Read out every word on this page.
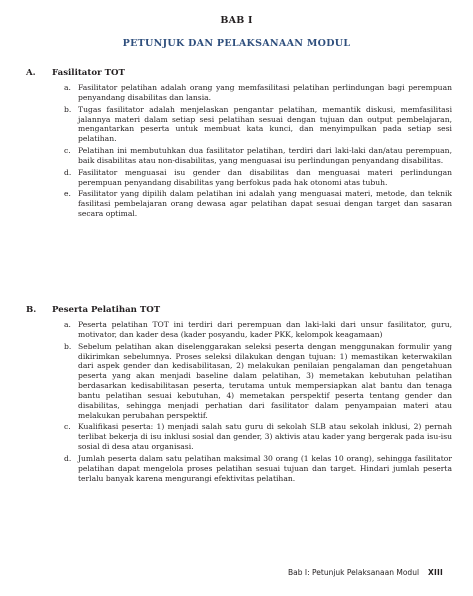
BAB I
PETUNJUK DAN PELAKSANAAN MODUL
A.	Fasilitator TOT
a. Fasilitator pelatihan adalah orang yang memfasilitasi pelatihan perlindungan bagi perempuan penyandang disabilitas dan lansia.
b. Tugas fasilitator adalah menjelaskan pengantar pelatihan, memantik diskusi, memfasilitasi jalannya materi dalam setiap sesi pelatihan sesuai dengan tujuan dan output pembelajaran, mengantarkan peserta untuk membuat kata kunci, dan menyimpulkan pada setiap sesi pelatihan.
c. Pelatihan ini membutuhkan dua fasilitator pelatihan, terdiri dari laki-laki dan/atau perempuan, baik disabilitas atau non-disabilitas, yang menguasai isu perlindungan penyandang disabilitas.
d. Fasilitator menguasai isu gender dan disabilitas dan menguasai materi perlindungan perempuan penyandang disabilitas yang berfokus pada hak otonomi atas tubuh.
e. Fasilitator yang dipilih dalam pelatihan ini adalah yang menguasai materi, metode, dan teknik fasilitasi pembelajaran orang dewasa agar pelatihan dapat sesuai dengan target dan sasaran secara optimal.
B.	Peserta Pelatihan TOT
a. Peserta pelatihan TOT ini terdiri dari perempuan dan laki-laki dari unsur fasilitator, guru, motivator, dan kader desa (kader posyandu, kader PKK, kelompok keagamaan)
b. Sebelum pelatihan akan diselenggarakan seleksi peserta dengan menggunakan formulir yang dikirimkan sebelumnya. Proses seleksi dilakukan dengan tujuan: 1) memastikan keterwakilan dari aspek gender dan kedisabilitasan, 2) melakukan penilaian pengalaman dan pengetahuan peserta yang akan menjadi baseline dalam pelatihan, 3) memetakan kebutuhan pelatihan berdasarkan kedisabilitasan peserta, terutama untuk mempersiapkan alat bantu dan tenaga bantu pelatihan sesuai kebutuhan, 4) memetakan perspektif peserta tentang gender dan disabilitas, sehingga menjadi perhatian dari fasilitator dalam penyampaian materi atau melakukan perubahan perspektif.
c. Kualifikasi peserta: 1) menjadi salah satu guru di sekolah SLB atau sekolah inklusi, 2) pernah terlibat bekerja di isu inklusi sosial dan gender, 3) aktivis atau kader yang bergerak pada isu-isu sosial di desa atau organisasi.
d. Jumlah peserta dalam satu pelatihan maksimal 30 orang (1 kelas 10 orang), sehingga fasilitator pelatihan dapat mengelola proses pelatihan sesuai tujuan dan target. Hindari jumlah peserta terlalu banyak karena mengurangi efektivitas pelatihan.
Bab I: Petunjuk Pelaksanaan Modul XIII
